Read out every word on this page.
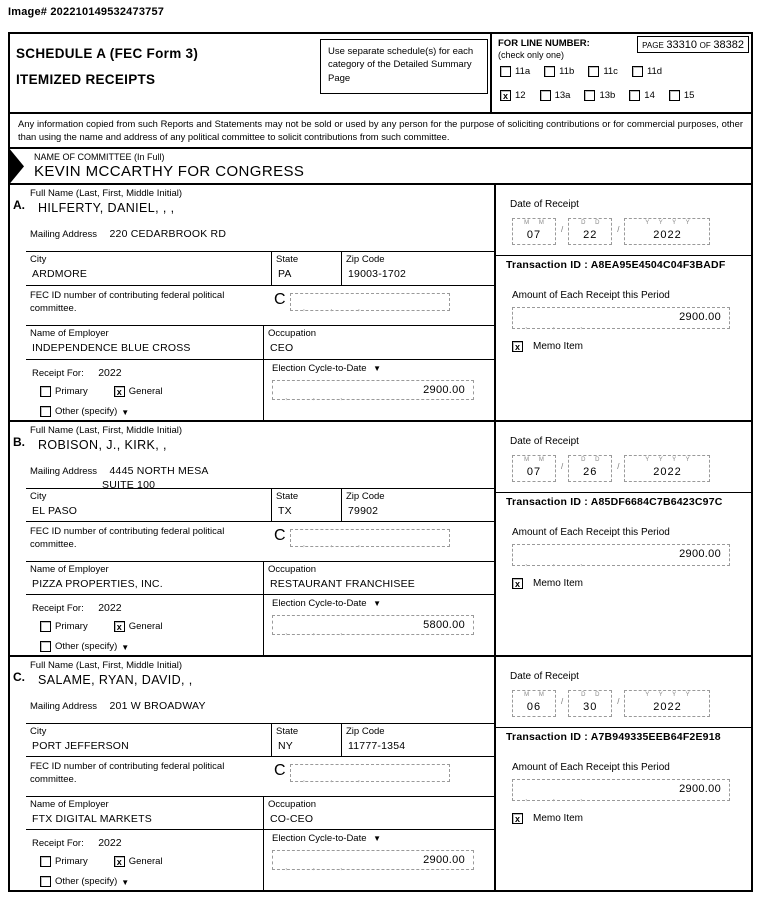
Image# 202210149532473757
SCHEDULE A (FEC Form 3)
ITEMIZED RECEIPTS
Use separate schedule(s) for each category of the Detailed Summary Page
FOR LINE NUMBER:
(check only one)
PAGE 33310 OF 38382
11a	11b	11c	11d
x 12	13a	13b	14	15
Any information copied from such Reports and Statements may not be sold or used by any person for the purpose of soliciting contributions or for commercial purposes, other than using the name and address of any political committee to solicit contributions from such committee.
NAME OF COMMITTEE (In Full)
KEVIN MCCARTHY FOR CONGRESS
A.
Full Name (Last, First, Middle Initial)
HILFERTY, DANIEL, , ,
Mailing Address 220 CEDARBROOK RD
City
ARDMORE
State
PA
Zip Code
19003-1702
FEC ID number of contributing federal political committee.	C
,          ,          ,
Name of Employer
INDEPENDENCE BLUE CROSS
Occupation
CEO
Receipt For: 2022
Primary	x General
Other (specify)
▼
Election Cycle-to-Date ▼
,          ,          , 2900.00
Date of Receipt
M M
07
/
D D
22
/
Y Y Y Y
2022
Transaction ID : A8EA95E4504C04F3BADF
Amount of Each Receipt this Period
,          ,          , 2900.00
x	Memo Item
B.
Full Name (Last, First, Middle Initial)
ROBISON, J., KIRK, ,
Mailing Address 4445 NORTH MESA
SUITE 100
City
EL PASO
State
TX
Zip Code
79902
FEC ID number of contributing federal political committee.	C
,          ,          ,
Name of Employer
PIZZA PROPERTIES, INC.
Occupation
RESTAURANT FRANCHISEE
Receipt For: 2022
Primary	x General
Other (specify)
▼
Election Cycle-to-Date ▼
,          ,          , 5800.00
Date of Receipt
M M
07
/
D D
26
/
Y Y Y Y
2022
Transaction ID : A85DF6684C7B6423C97C
Amount of Each Receipt this Period
,          ,          , 2900.00
x	Memo Item
C.
Full Name (Last, First, Middle Initial)
SALAME, RYAN, DAVID, ,
Mailing Address 201 W BROADWAY
City
PORT JEFFERSON
State
NY
Zip Code
11777-1354
FEC ID number of contributing federal political committee.	C
,          ,          ,
Name of Employer
FTX DIGITAL MARKETS
Occupation
CO-CEO
Receipt For: 2022
Primary	x General
Other (specify)
▼
Election Cycle-to-Date ▼
,          ,          , 2900.00
Date of Receipt
M M
06
/
D D
30
/
Y Y Y Y
2022
Transaction ID : A7B949335EEB64F2E918
Amount of Each Receipt this Period
,          ,          , 2900.00
x	Memo Item
